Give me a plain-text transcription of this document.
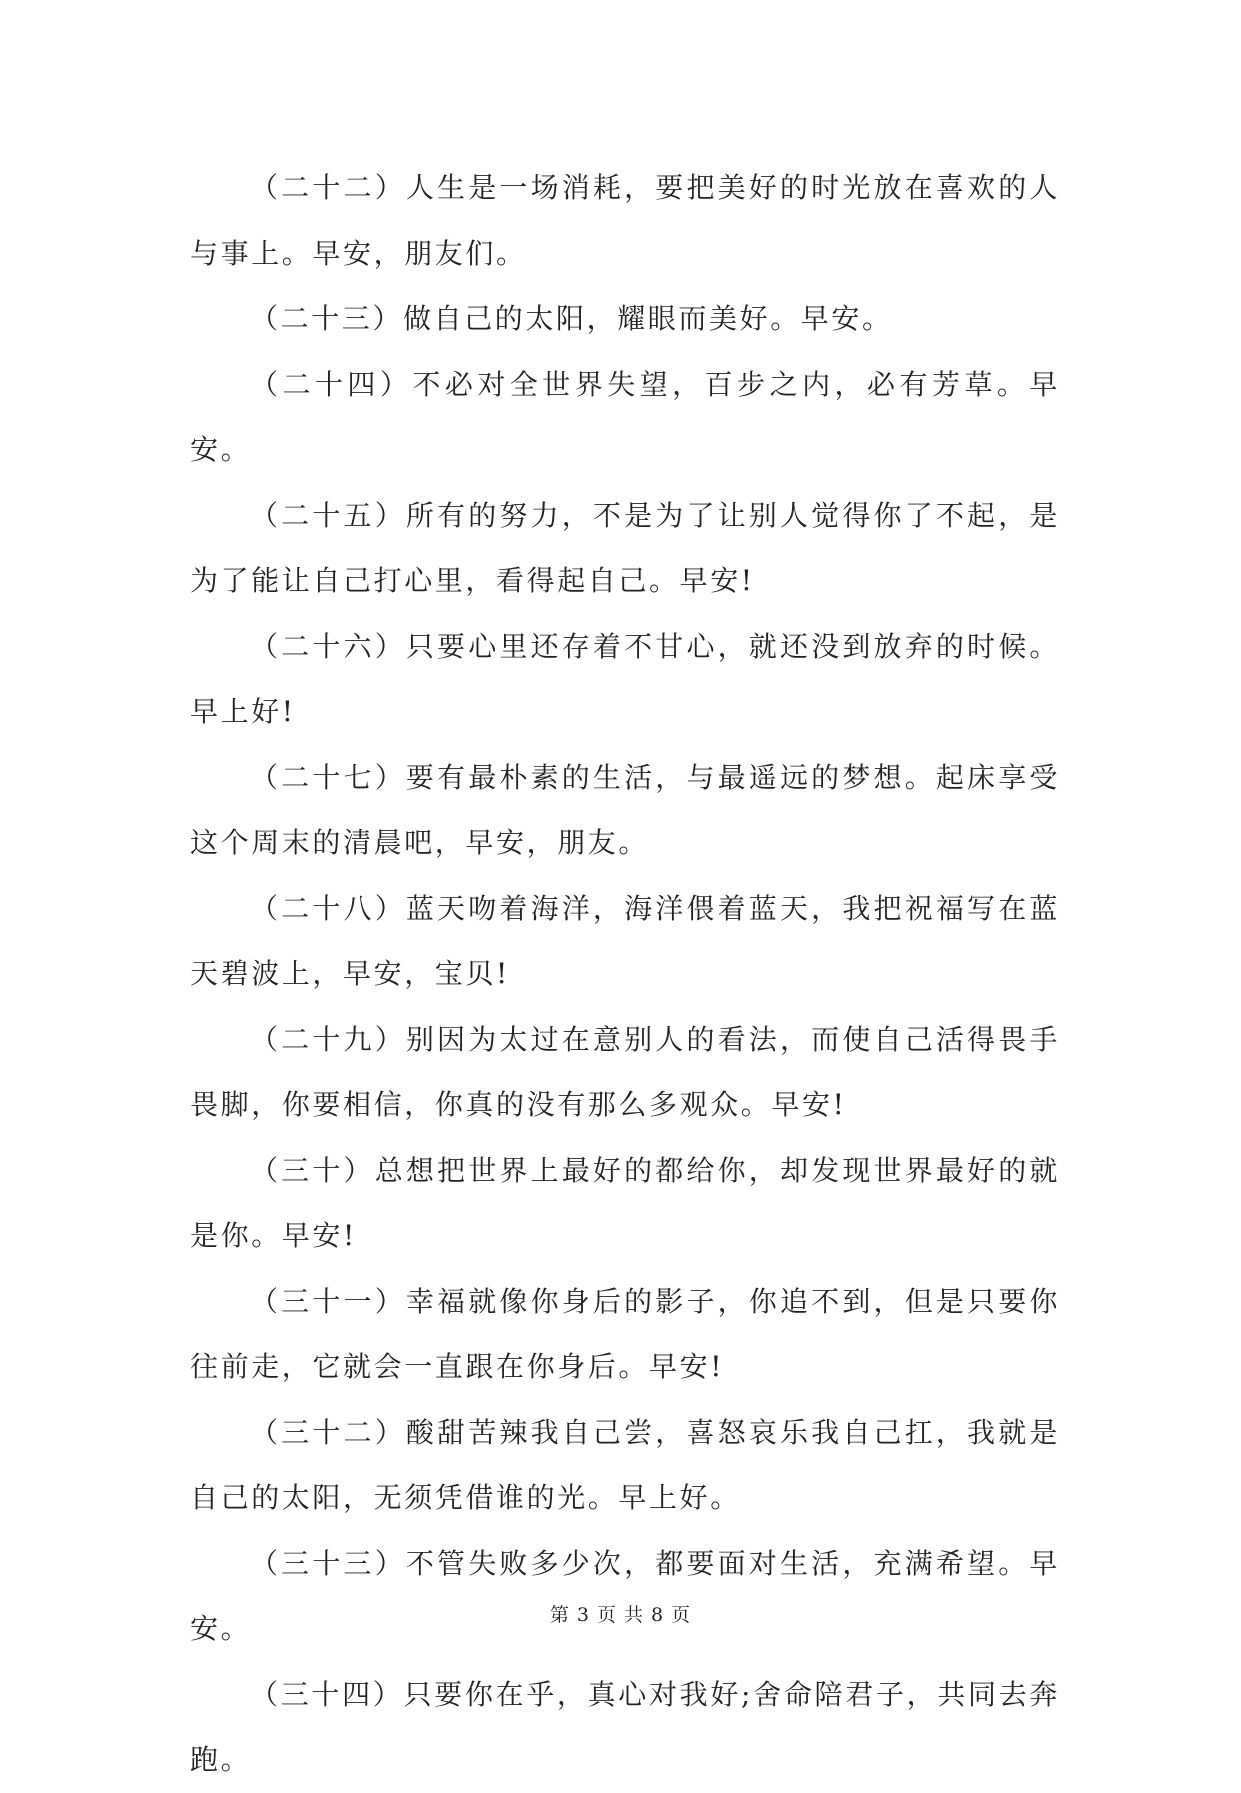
（二十二）人生是一场消耗，要把美好的时光放在喜欢的人与事上。早安，朋友们。

（二十三）做自己的太阳，耀眼而美好。早安。

（二十四）不必对全世界失望，百步之内，必有芳草。早安。

（二十五）所有的努力，不是为了让别人觉得你了不起，是为了能让自己打心里，看得起自己。早安!

（二十六）只要心里还存着不甘心，就还没到放弃的时候。早上好!

（二十七）要有最朴素的生活，与最遥远的梦想。起床享受这个周末的清晨吧，早安，朋友。

（二十八）蓝天吻着海洋，海洋偎着蓝天，我把祝福写在蓝天碧波上，早安，宝贝!

（二十九）别因为太过在意别人的看法，而使自己活得畏手畏脚，你要相信，你真的没有那么多观众。早安!

（三十）总想把世界上最好的都给你，却发现世界最好的就是你。早安!

（三十一）幸福就像你身后的影子，你追不到，但是只要你往前走，它就会一直跟在你身后。早安!

（三十二）酸甜苦辣我自己尝，喜怒哀乐我自己扛，我就是自己的太阳，无须凭借谁的光。早上好。

（三十三）不管失败多少次，都要面对生活，充满希望。早安。

（三十四）只要你在乎，真心对我好;舍命陪君子，共同去奔跑。

第 3 页 共 8 页
